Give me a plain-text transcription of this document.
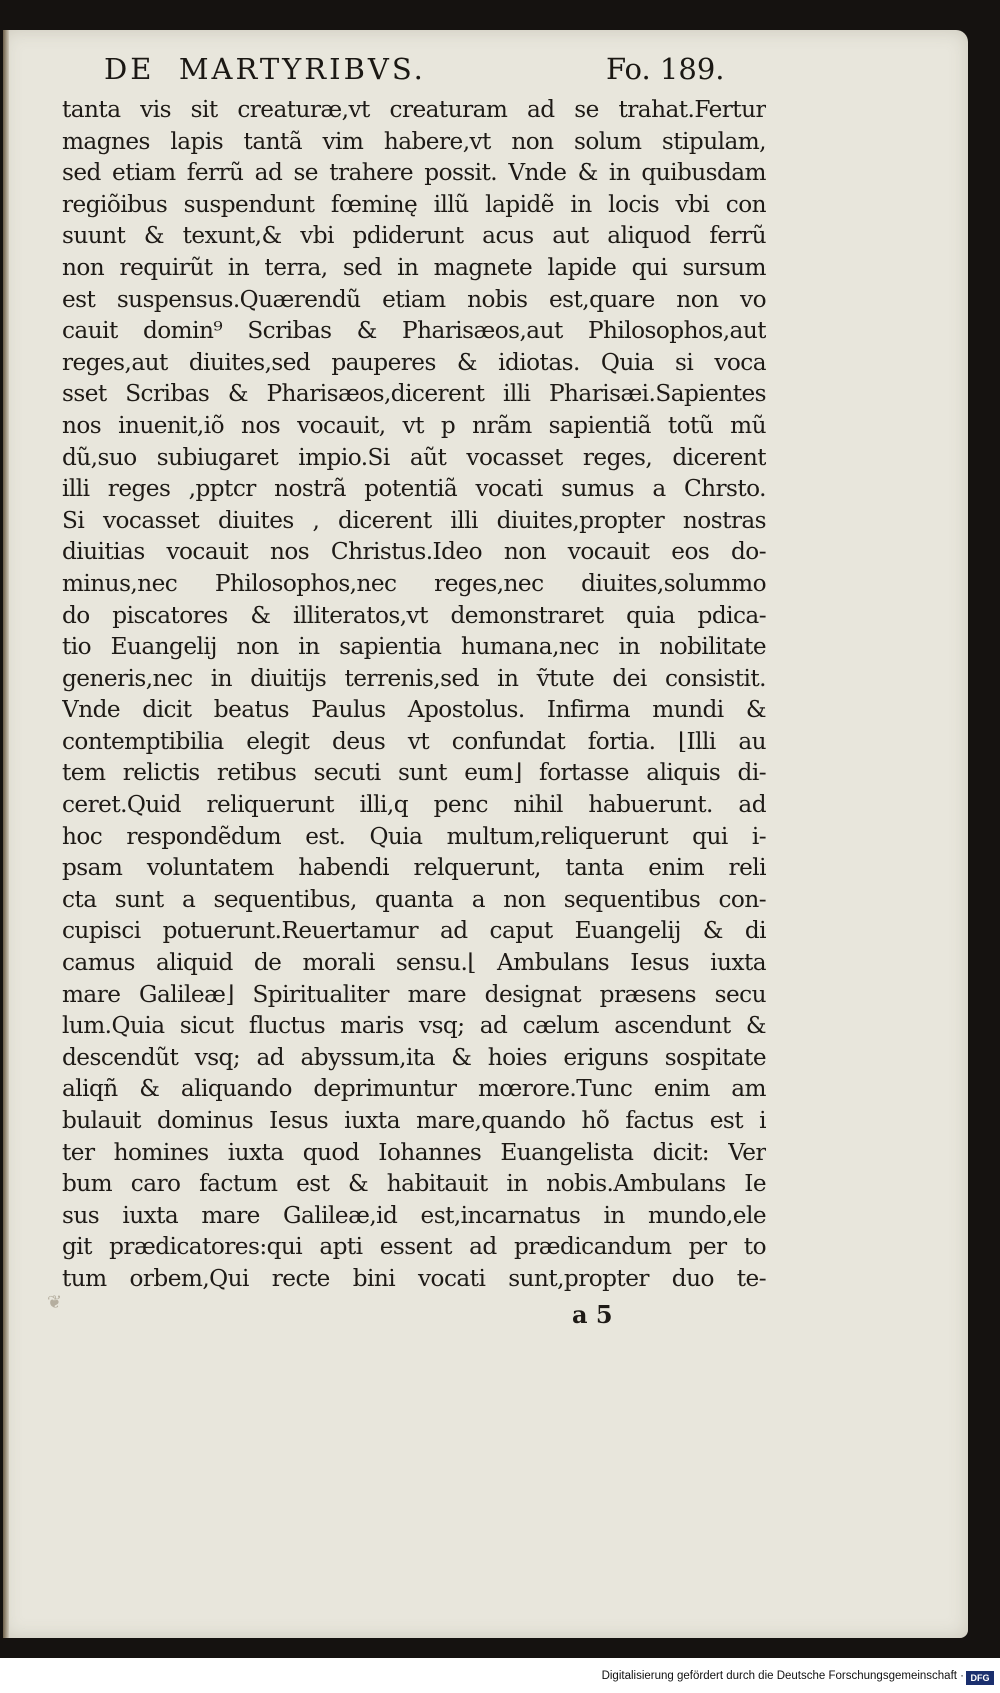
DE  MARTYRIBVS.	Fo. 189.
tanta vis sit creaturæ,vt creaturam ad se trahat.Fertur
magnes lapis tantã vim habere,vt non solum stipulam,
sed etiam ferrũ ad se trahere possit. Vnde & in quibusdam
regiõibus suspendunt fœminę illũ lapidẽ in locis vbi con
suunt & texunt,& vbi pdiderunt acus aut aliquod ferrũ
non requirũt in terra, sed in magnete lapide qui sursum
est suspensus.Quærendũ etiam nobis est,quare non vo
cauit domin⁹ Scribas & Pharisæos,aut Philosophos,aut
reges,aut diuites,sed pauperes & idiotas. Quia si voca
sset Scribas & Pharisæos,dicerent illi Pharisæi.Sapientes
nos inuenit,iõ nos vocauit, vt p nrãm sapientiã totũ mũ
dũ,suo subiugaret impio.Si aũt vocasset reges, dicerent
illi reges ,pptcr nostrã potentiã vocati sumus a Chrsto.
Si vocasset diuites , dicerent illi diuites,propter nostras
diuitias vocauit nos Christus.Ideo non vocauit eos do-
minus,nec Philosophos,nec reges,nec diuites,solummo
do piscatores & illiteratos,vt demonstraret quia pdica-
tio Euangelij non in sapientia humana,nec in nobilitate
generis,nec in diuitijs terrenis,sed in ṽtute dei consistit.
Vnde dicit beatus Paulus Apostolus. Infirma mundi &
contemptibilia elegit deus vt confundat fortia. ⌊Illi au
tem relictis retibus secuti sunt eum⌋ fortasse aliquis di-
ceret.Quid reliquerunt illi,q penc nihil habuerunt. ad
hoc respondẽdum est. Quia multum,reliquerunt qui i-
psam voluntatem habendi relquerunt, tanta enim reli
cta sunt a sequentibus, quanta a non sequentibus con-
cupisci potuerunt.Reuertamur ad caput Euangelij & di
camus aliquid de morali sensu.⌊ Ambulans Iesus iuxta
mare Galileæ⌋ Spiritualiter mare designat præsens secu
lum.Quia sicut fluctus maris vsq; ad cælum ascendunt &
descendũt vsq; ad abyssum,ita & hoies eriguns sospitate
aliqñ & aliquando deprimuntur mœrore.Tunc enim am
bulauit dominus Iesus iuxta mare,quando hõ factus est i
ter homines iuxta quod Iohannes Euangelista dicit: Ver
bum caro factum est & habitauit in nobis.Ambulans Ie
sus iuxta mare Galileæ,id est,incarnatus in mundo,ele
git prædicatores:qui apti essent ad prædicandum per to
tum orbem,Qui recte bini vocati sunt,propter duo te-
a 5
❦
Digitalisierung gefördert durch die Deutsche Forschungsgemeinschaft · DFG
